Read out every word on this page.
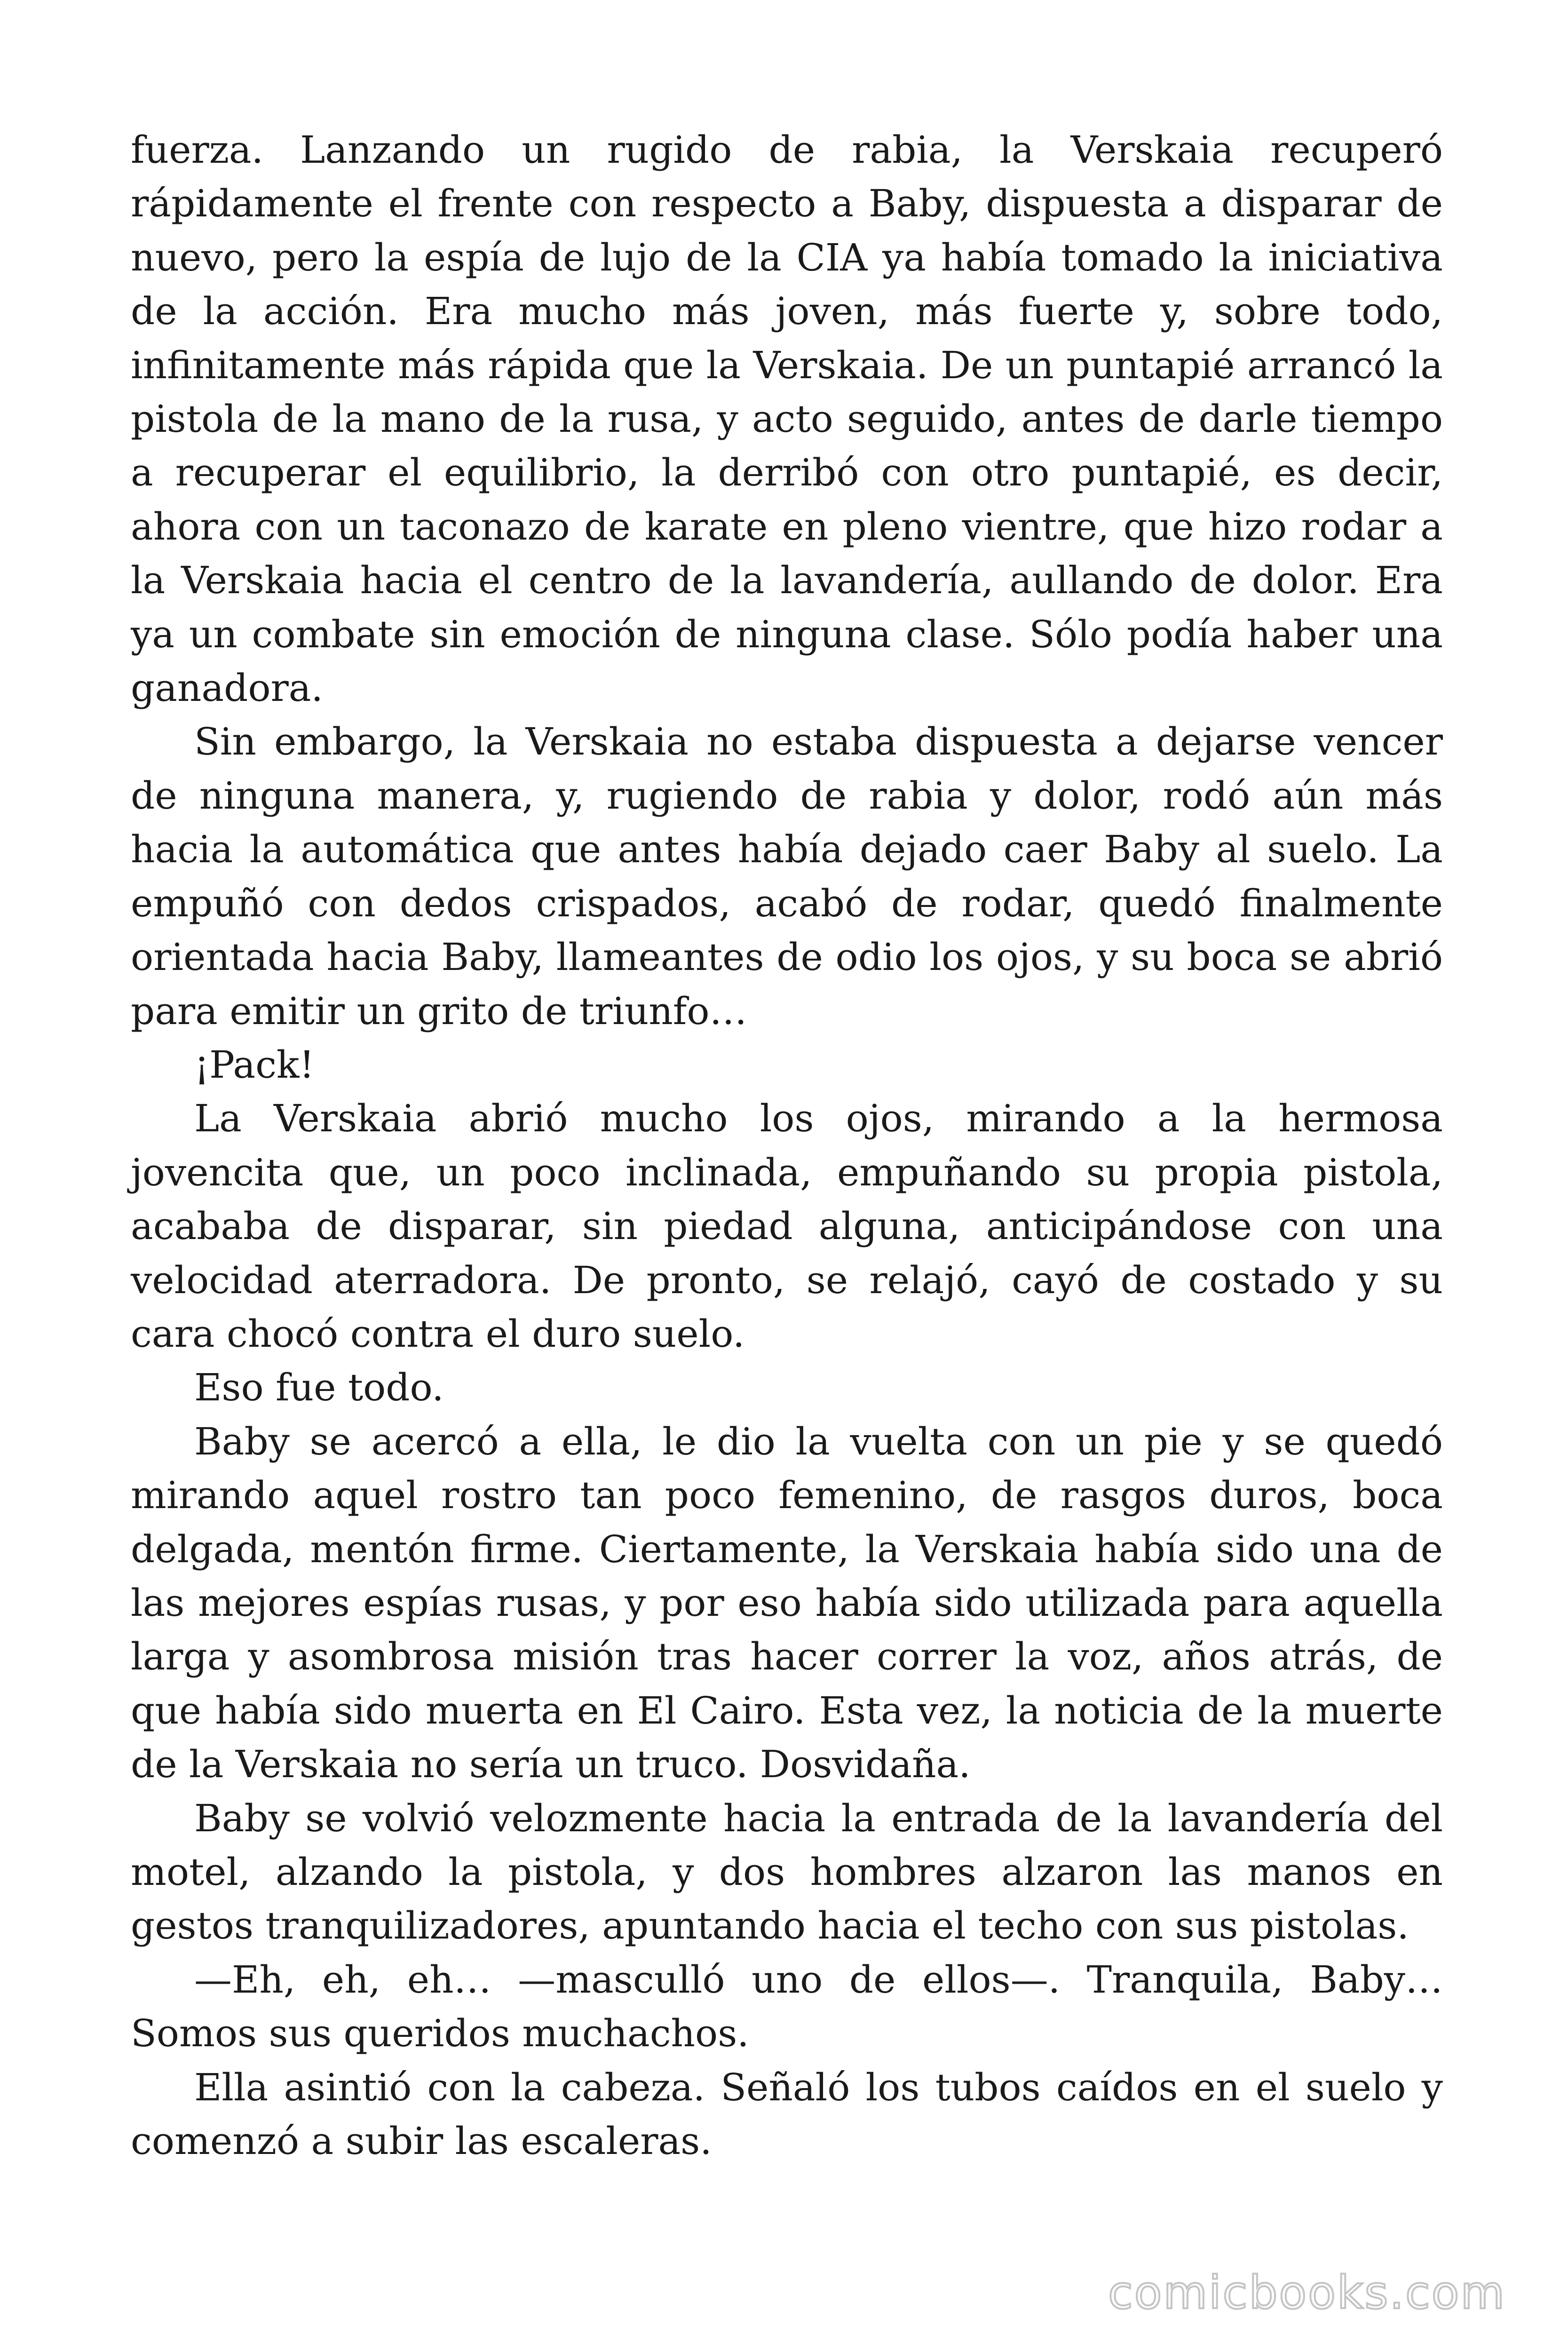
fuerza. Lanzando un rugido de rabia, la Verskaia recuperó rápidamente el frente con respecto a Baby, dispuesta a disparar de nuevo, pero la espía de lujo de la CIA ya había tomado la iniciativa de la acción. Era mucho más joven, más fuerte y, sobre todo, infinitamente más rápida que la Verskaia. De un puntapié arrancó la pistola de la mano de la rusa, y acto seguido, antes de darle tiempo a recuperar el equilibrio, la derribó con otro puntapié, es decir, ahora con un taconazo de karate en pleno vientre, que hizo rodar a la Verskaia hacia el centro de la lavandería, aullando de dolor. Era ya un combate sin emoción de ninguna clase. Sólo podía haber una ganadora.

Sin embargo, la Verskaia no estaba dispuesta a dejarse vencer de ninguna manera, y, rugiendo de rabia y dolor, rodó aún más hacia la automática que antes había dejado caer Baby al suelo. La empuñó con dedos crispados, acabó de rodar, quedó finalmente orientada hacia Baby, llameantes de odio los ojos, y su boca se abrió para emitir un grito de triunfo…

¡Pack!

La Verskaia abrió mucho los ojos, mirando a la hermosa jovencita que, un poco inclinada, empuñando su propia pistola, acababa de disparar, sin piedad alguna, anticipándose con una velocidad aterradora. De pronto, se relajó, cayó de costado y su cara chocó contra el duro suelo.

Eso fue todo.

Baby se acercó a ella, le dio la vuelta con un pie y se quedó mirando aquel rostro tan poco femenino, de rasgos duros, boca delgada, mentón firme. Ciertamente, la Verskaia había sido una de las mejores espías rusas, y por eso había sido utilizada para aquella larga y asombrosa misión tras hacer correr la voz, años atrás, de que había sido muerta en El Cairo. Esta vez, la noticia de la muerte de la Verskaia no sería un truco. Dosvidaña.

Baby se volvió velozmente hacia la entrada de la lavandería del motel, alzando la pistola, y dos hombres alzaron las manos en gestos tranquilizadores, apuntando hacia el techo con sus pistolas.

—Eh, eh, eh… —masculló uno de ellos—. Tranquila, Baby… Somos sus queridos muchachos.

Ella asintió con la cabeza. Señaló los tubos caídos en el suelo y comenzó a subir las escaleras.

comicbooks.com
